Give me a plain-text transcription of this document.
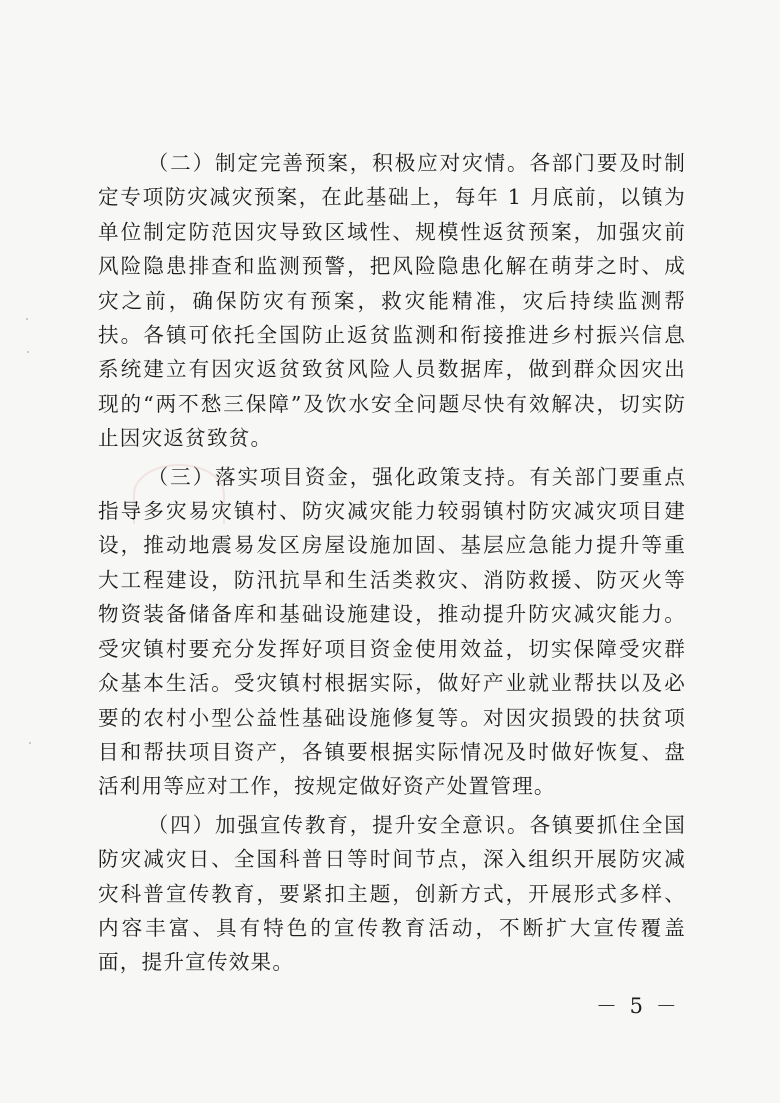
（二）制定完善预案，积极应对灾情。各部门要及时制定专项防灾减灾预案，在此基础上，每年 1 月底前，以镇为单位制定防范因灾导致区域性、规模性返贫预案，加强灾前风险隐患排查和监测预警，把风险隐患化解在萌芽之时、成灾之前，确保防灾有预案，救灾能精准，灾后持续监测帮扶。各镇可依托全国防止返贫监测和衔接推进乡村振兴信息系统建立有因灾返贫致贫风险人员数据库，做到群众因灾出现的“两不愁三保障”及饮水安全问题尽快有效解决，切实防止因灾返贫致贫。

（三）落实项目资金，强化政策支持。有关部门要重点指导多灾易灾镇村、防灾减灾能力较弱镇村防灾减灾项目建设，推动地震易发区房屋设施加固、基层应急能力提升等重大工程建设，防汛抗旱和生活类救灾、消防救援、防灭火等物资装备储备库和基础设施建设，推动提升防灾减灾能力。受灾镇村要充分发挥好项目资金使用效益，切实保障受灾群众基本生活。受灾镇村根据实际，做好产业就业帮扶以及必要的农村小型公益性基础设施修复等。对因灾损毁的扶贫项目和帮扶项目资产，各镇要根据实际情况及时做好恢复、盘活利用等应对工作，按规定做好资产处置管理。

（四）加强宣传教育，提升安全意识。各镇要抓住全国防灾减灾日、全国科普日等时间节点，深入组织开展防灾减灾科普宣传教育，要紧扣主题，创新方式，开展形式多样、内容丰富、具有特色的宣传教育活动，不断扩大宣传覆盖面，提升宣传效果。

－ 5 －
